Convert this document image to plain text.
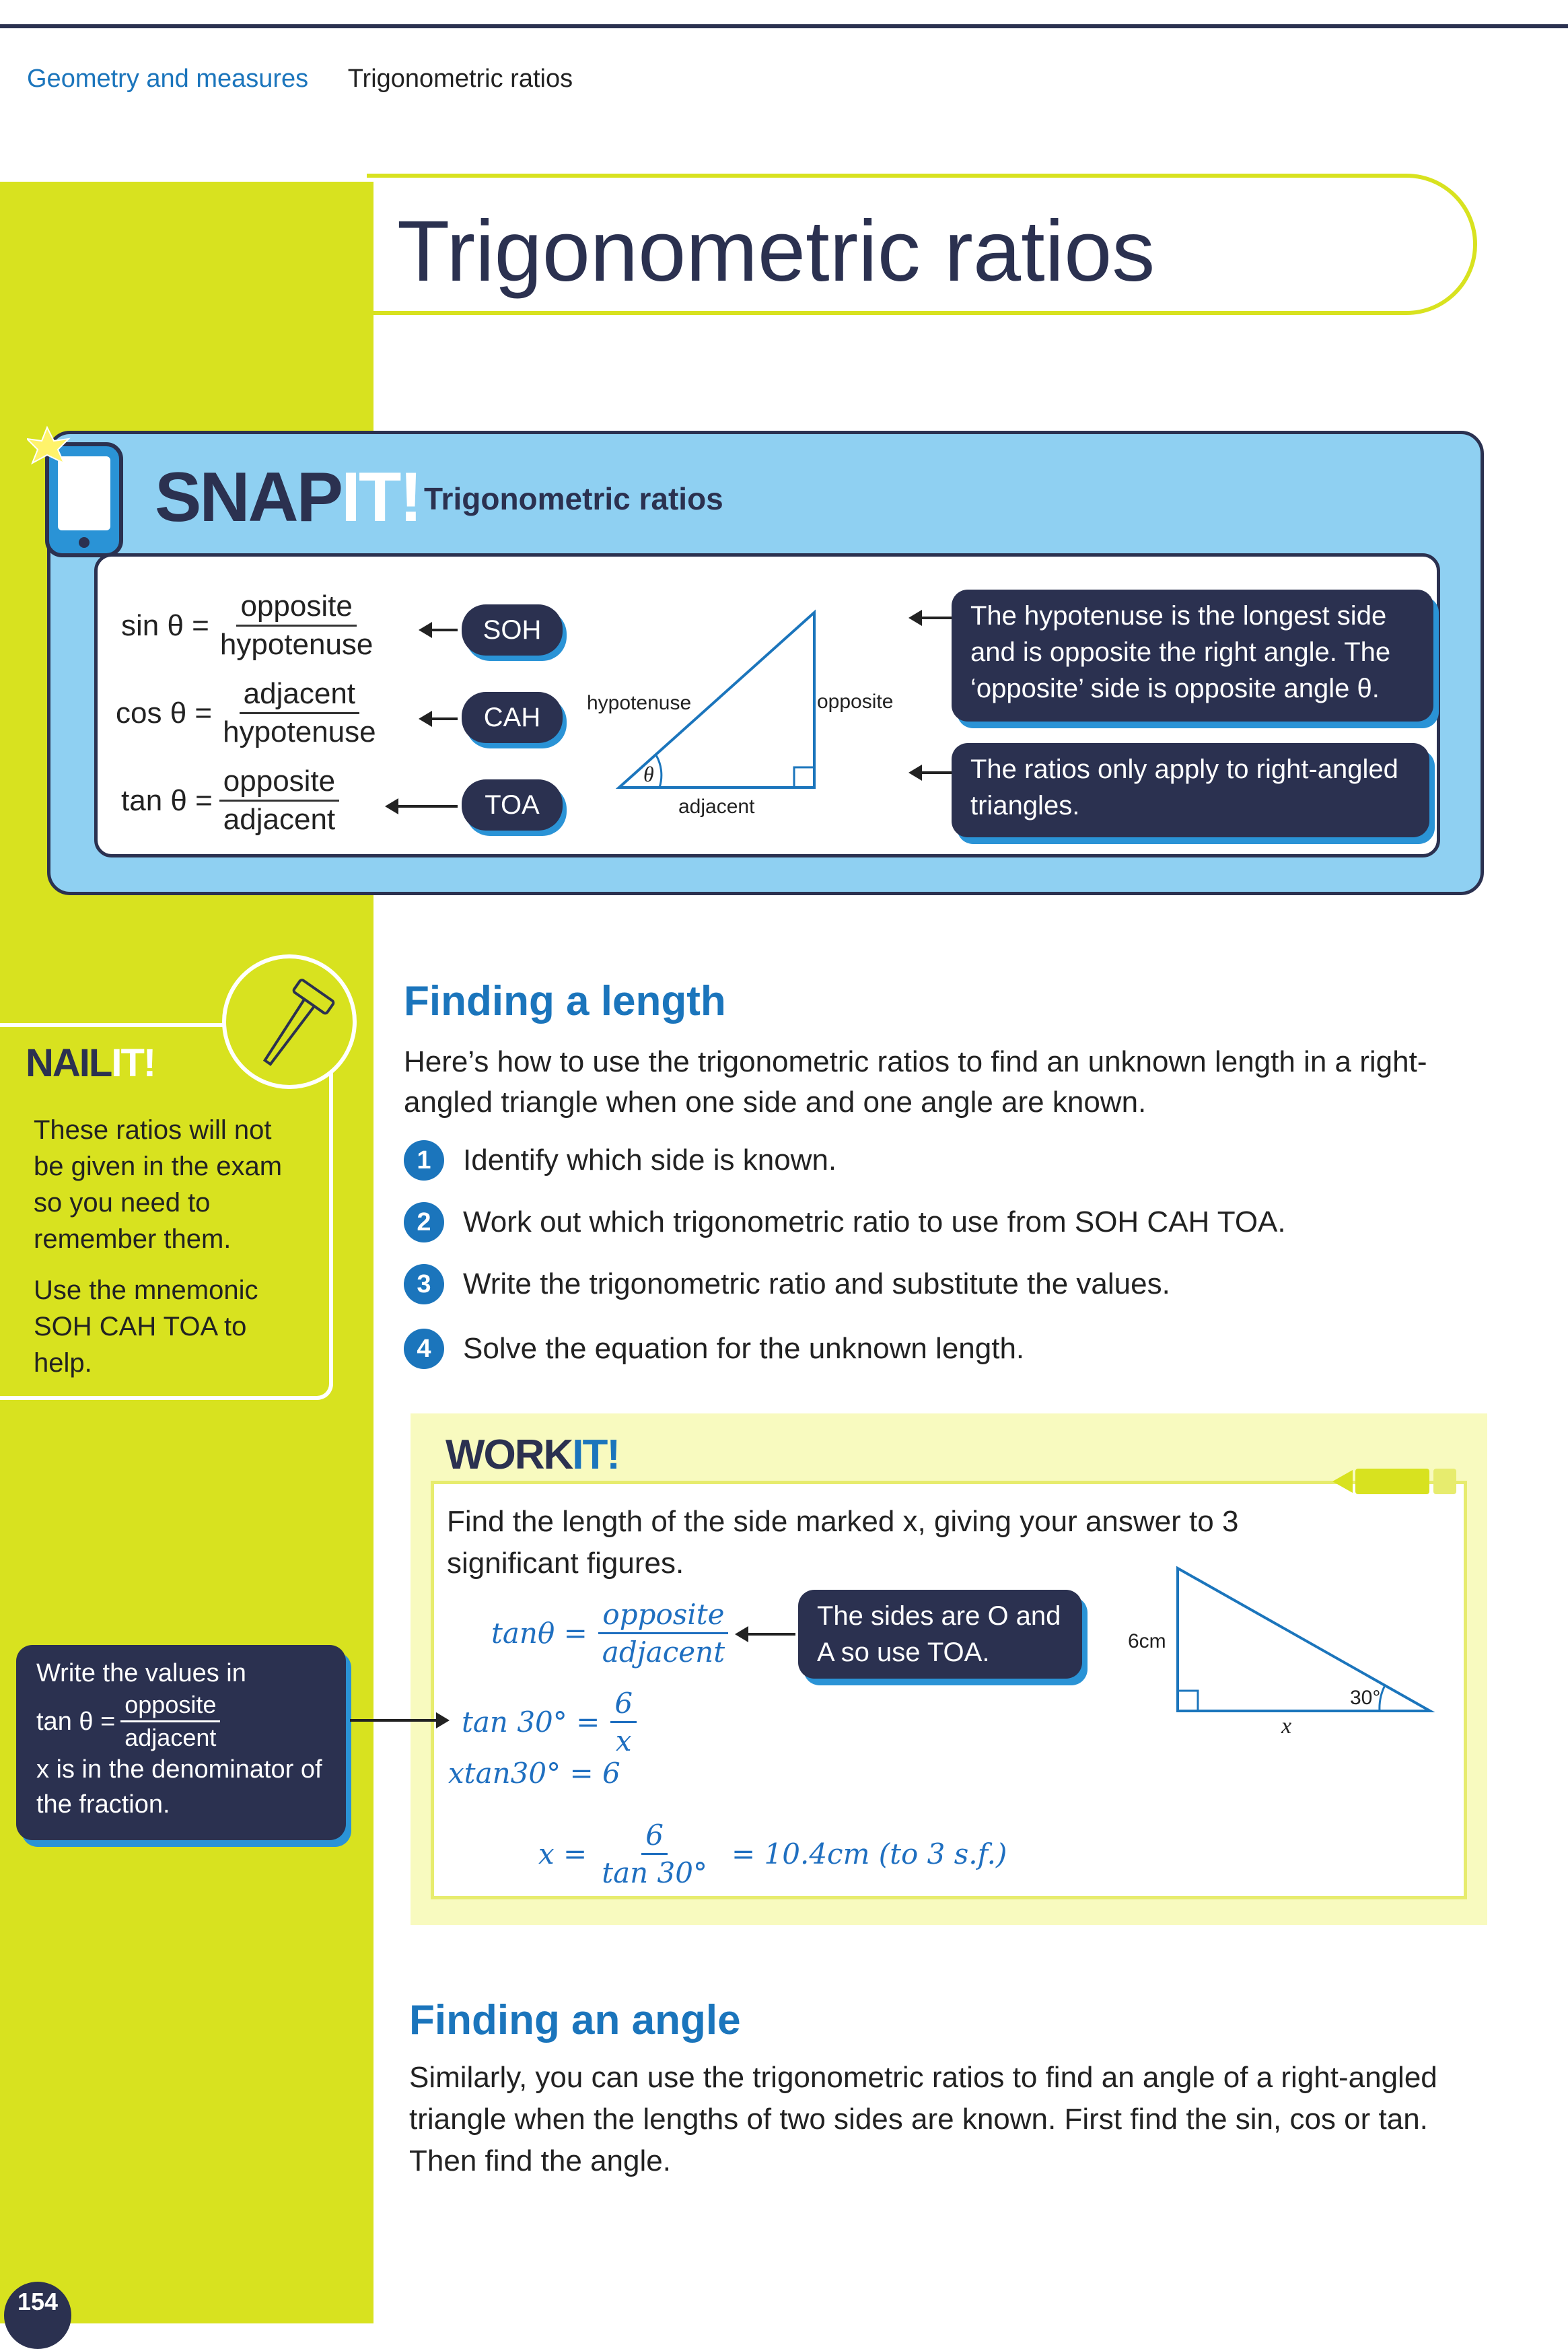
Geometry and measures Trigonometric ratios
Trigonometric ratios
SNAPIT! Trigonometric ratios
$\sin \theta = \frac{\text{opposite}}{\text{hypotenuse}}$
$\cos \theta = \frac{\text{adjacent}}{\text{hypotenuse}}$
$\tan \theta = \frac{\text{opposite}}{\text{adjacent}}$
SOH
CAH
TOA
θ
hypotenuse	opposite
adjacent
The hypotenuse is the longest side and is opposite the right angle. The ‘opposite’ side is opposite angle θ.
The ratios only apply to right-angled triangles.
NAILIT!
These ratios will not be given in the exam so you need to remember them.
Use the mnemonic SOH CAH TOA to help.
Finding a length
Here’s how to use the trigonometric ratios to find an unknown length in a right-angled triangle when one side and one angle are known.
1	Identify which side is known.
2	Work out which trigonometric ratio to use from SOH CAH TOA.
3	Write the trigonometric ratio and substitute the values.
4	Solve the equation for the unknown length.
WORKIT!
Find the length of the side marked x, giving your answer to 3 significant figures.
$\tan\theta = \frac{\text{opposite}}{\text{adjacent}}$	The sides are O and A so use TOA.
$\tan 30^\circ = \frac{6}{x}$
xtan30° = 6
$x = \frac{6}{\tan 30^\circ} = 10.4cm$ (to 3 s.f.)
6cm
x
30°
Write the values in
$\tan \theta = \frac{\text{opposite}}{\text{adjacent}}$
x is in the denominator of the fraction.
Finding an angle
Similarly, you can use the trigonometric ratios to find an angle of a right-angled triangle when the lengths of two sides are known. First find the sin, cos or tan. Then find the angle.
154
